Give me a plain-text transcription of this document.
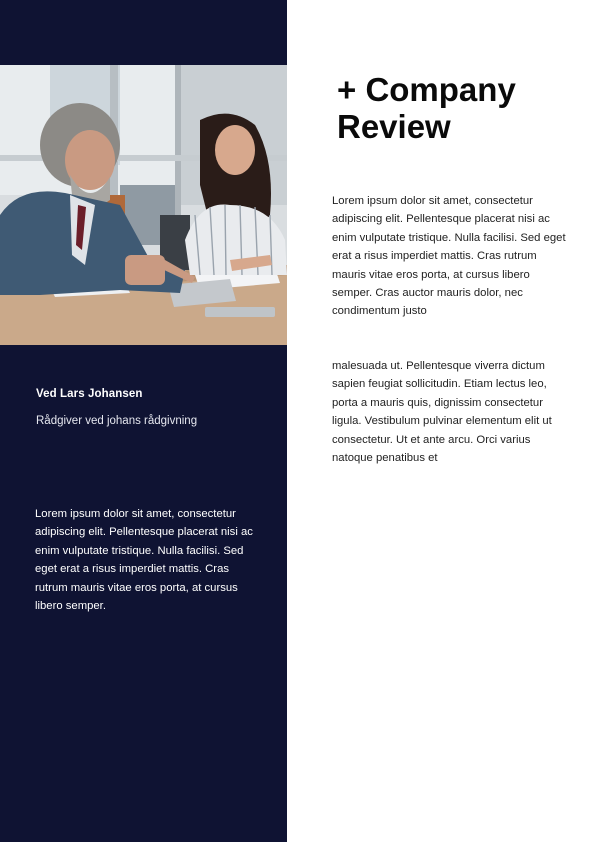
Ved Lars Johansen
Rådgiver ved johans rådgivning
Lorem ipsum dolor sit amet, consectetur adipiscing elit. Pellentesque placerat nisi ac enim vulputate tristique. Nulla facilisi. Sed eget erat a risus imperdiet mattis. Cras rutrum mauris vitae eros porta, at cursus libero semper.
+ Company Review
Lorem ipsum dolor sit amet, consectetur adipiscing elit. Pellentesque placerat nisi ac enim vulputate tristique. Nulla facilisi. Sed eget erat a risus imperdiet mattis. Cras rutrum mauris vitae eros porta, at cursus libero semper. Cras auctor mauris dolor, nec condimentum justo
malesuada ut. Pellentesque viverra dictum sapien feugiat sollicitudin. Etiam lectus leo, porta a mauris quis, dignissim consectetur ligula. Vestibulum pulvinar elementum elit ut consectetur. Ut et ante arcu. Orci varius natoque penatibus et
